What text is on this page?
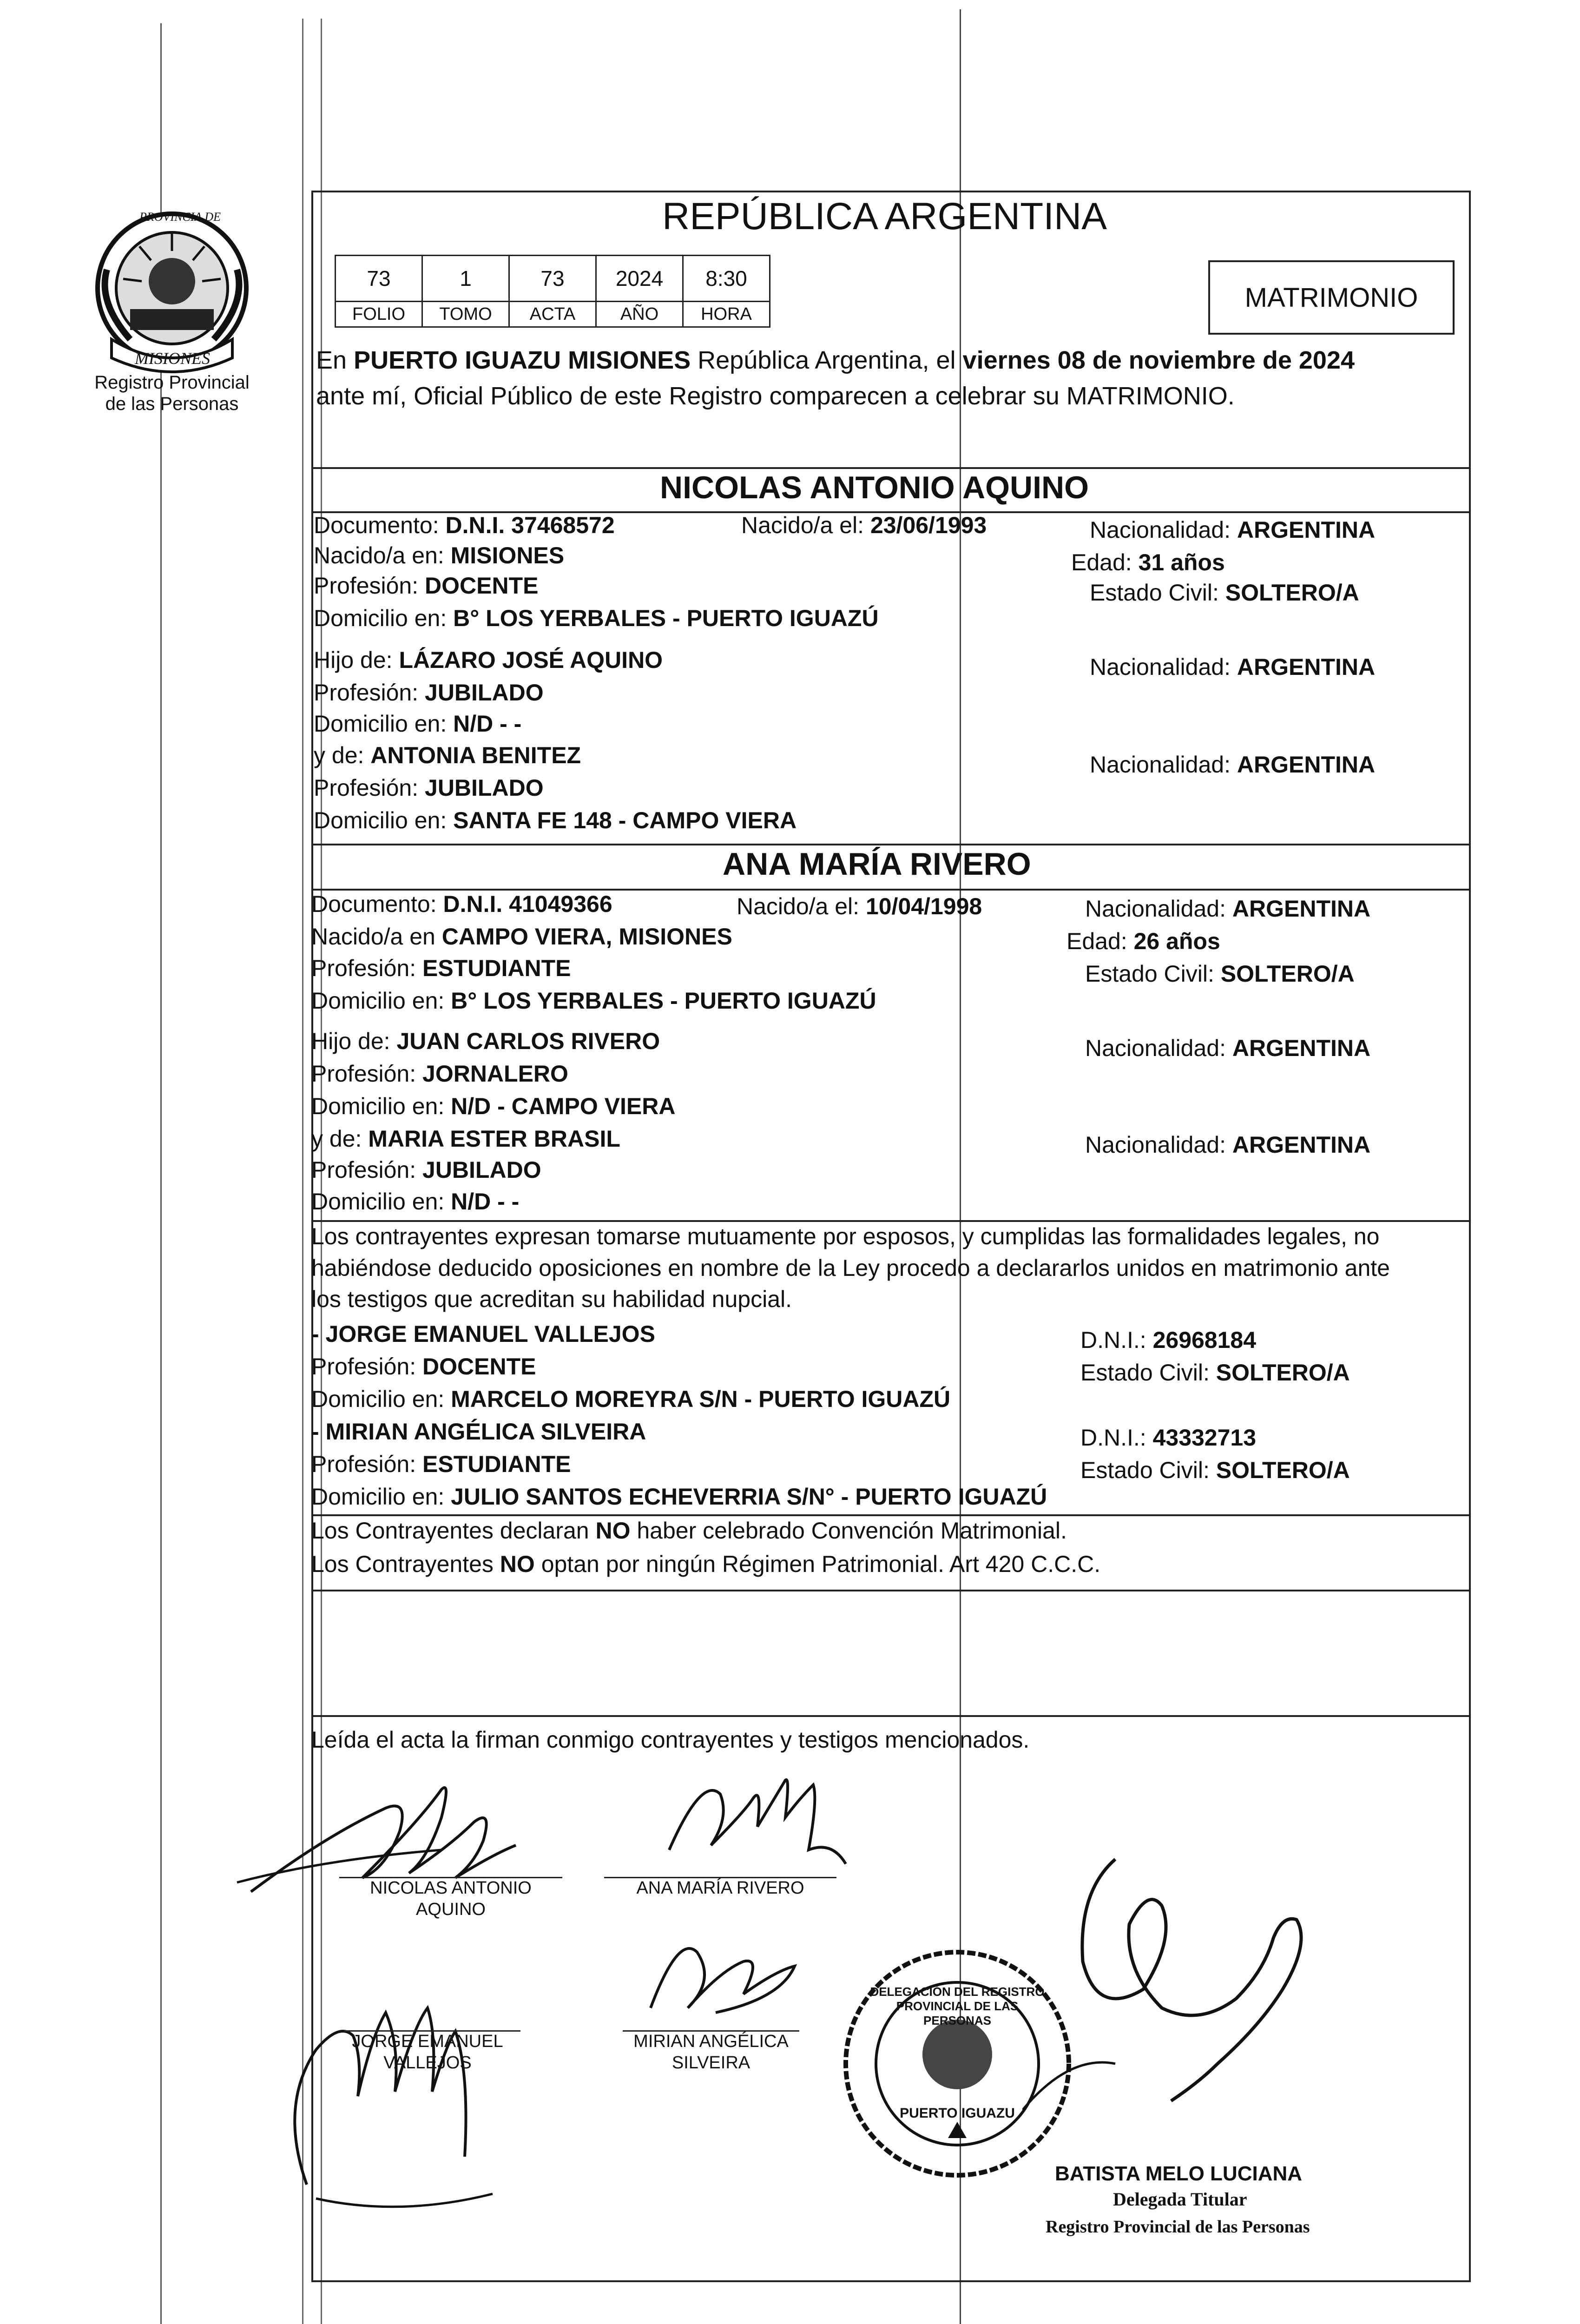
PROVINCIA DE
MISIONES
Registro Provincial
de las Personas
REPÚBLICA ARGENTINA
73	1	73	2024	8:30
FOLIO	TOMO	ACTA	AÑO	HORA
MATRIMONIO
En PUERTO IGUAZU MISIONES República Argentina, el viernes 08 de noviembre de 2024
ante mí, Oficial Público de este Registro comparecen a celebrar su MATRIMONIO.
NICOLAS ANTONIO AQUINO
Documento: D.N.I. 37468572	Nacido/a el: 23/06/1993	Nacionalidad: ARGENTINA
Nacido/a en: MISIONES	Edad: 31 años
Profesión: DOCENTE	Estado Civil: SOLTERO/A
Domicilio en: B° LOS YERBALES - PUERTO IGUAZÚ
Hijo de: LÁZARO JOSÉ AQUINO	Nacionalidad: ARGENTINA
Profesión: JUBILADO
Domicilio en: N/D - -
y de: ANTONIA BENITEZ	Nacionalidad: ARGENTINA
Profesión: JUBILADO
Domicilio en: SANTA FE 148 - CAMPO VIERA
ANA MARÍA RIVERO
Documento: D.N.I. 41049366	Nacido/a el: 10/04/1998	Nacionalidad: ARGENTINA
Nacido/a en CAMPO VIERA, MISIONES	Edad: 26 años
Profesión: ESTUDIANTE	Estado Civil: SOLTERO/A
Domicilio en: B° LOS YERBALES - PUERTO IGUAZÚ
Hijo de: JUAN CARLOS RIVERO	Nacionalidad: ARGENTINA
Profesión: JORNALERO
Domicilio en: N/D - CAMPO VIERA
y de: MARIA ESTER BRASIL	Nacionalidad: ARGENTINA
Profesión: JUBILADO
Domicilio en: N/D - -
Los contrayentes expresan tomarse mutuamente por esposos, y cumplidas las formalidades legales, no
habiéndose deducido oposiciones en nombre de la Ley procedo a declararlos unidos en matrimonio ante
los testigos que acreditan su habilidad nupcial.
- JORGE EMANUEL VALLEJOS	D.N.I.: 26968184
Profesión: DOCENTE	Estado Civil: SOLTERO/A
Domicilio en: MARCELO MOREYRA S/N - PUERTO IGUAZÚ
- MIRIAN ANGÉLICA SILVEIRA	D.N.I.: 43332713
Profesión: ESTUDIANTE	Estado Civil: SOLTERO/A
Domicilio en: JULIO SANTOS ECHEVERRIA S/N° - PUERTO IGUAZÚ
Los Contrayentes declaran NO haber celebrado Convención Matrimonial.
Los Contrayentes NO optan por ningún Régimen Patrimonial. Art 420 C.C.C.
Leída el acta la firman conmigo contrayentes y testigos mencionados.
NICOLAS ANTONIO
AQUINO
ANA MARÍA RIVERO
JORGE EMANUEL
VALLEJOS
MIRIAN ANGÉLICA
SILVEIRA
DELEGACIÓN DEL REGISTRO PROVINCIAL DE LAS PERSONAS
PUERTO IGUAZU
BATISTA MELO LUCIANA
Delegada Titular
Registro Provincial de las Personas
